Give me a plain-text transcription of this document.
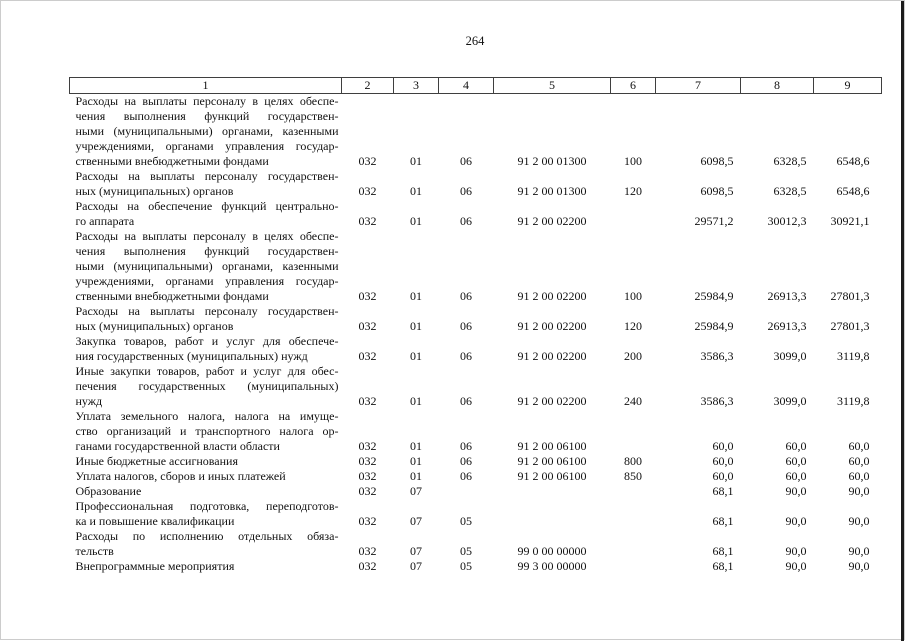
264
1	2	3	4	5	6	7	8	9

Расходы на выплаты персоналу в целях обеспе-
чения выполнения функций государствен-
ными (муниципальными) органами, казенными
учреждениями, органами управления государ-
ственными внебюджетными фондами	032	01	06	91 2 00 01300	100	6098,5	6328,5	6548,6

Расходы на выплаты персоналу государствен-
ных (муниципальных) органов	032	01	06	91 2 00 01300	120	6098,5	6328,5	6548,6

Расходы на обеспечение функций центрально-
го аппарата	032	01	06	91 2 00 02200		29571,2	30012,3	30921,1

Расходы на выплаты персоналу в целях обеспе-
чения выполнения функций государствен-
ными (муниципальными) органами, казенными
учреждениями, органами управления государ-
ственными внебюджетными фондами	032	01	06	91 2 00 02200	100	25984,9	26913,3	27801,3

Расходы на выплаты персоналу государствен-
ных (муниципальных) органов	032	01	06	91 2 00 02200	120	25984,9	26913,3	27801,3

Закупка товаров, работ и услуг для обеспече-
ния государственных (муниципальных) нужд	032	01	06	91 2 00 02200	200	3586,3	3099,0	3119,8

Иные закупки товаров, работ и услуг для обес-
печения государственных (муниципальных)
нужд	032	01	06	91 2 00 02200	240	3586,3	3099,0	3119,8

Уплата земельного налога, налога на имуще-
ство организаций и транспортного налога ор-
ганами государственной власти области	032	01	06	91 2 00 06100		60,0	60,0	60,0

Иные бюджетные ассигнования	032	01	06	91 2 00 06100	800	60,0	60,0	60,0

Уплата налогов, сборов и иных платежей	032	01	06	91 2 00 06100	850	60,0	60,0	60,0

Образование	032	07				68,1	90,0	90,0

Профессиональная подготовка, переподготов-
ка и повышение квалификации	032	07	05			68,1	90,0	90,0

Расходы по исполнению отдельных обяза-
тельств	032	07	05	99 0 00 00000		68,1	90,0	90,0

Внепрограммные мероприятия	032	07	05	99 3 00 00000		68,1	90,0	90,0
